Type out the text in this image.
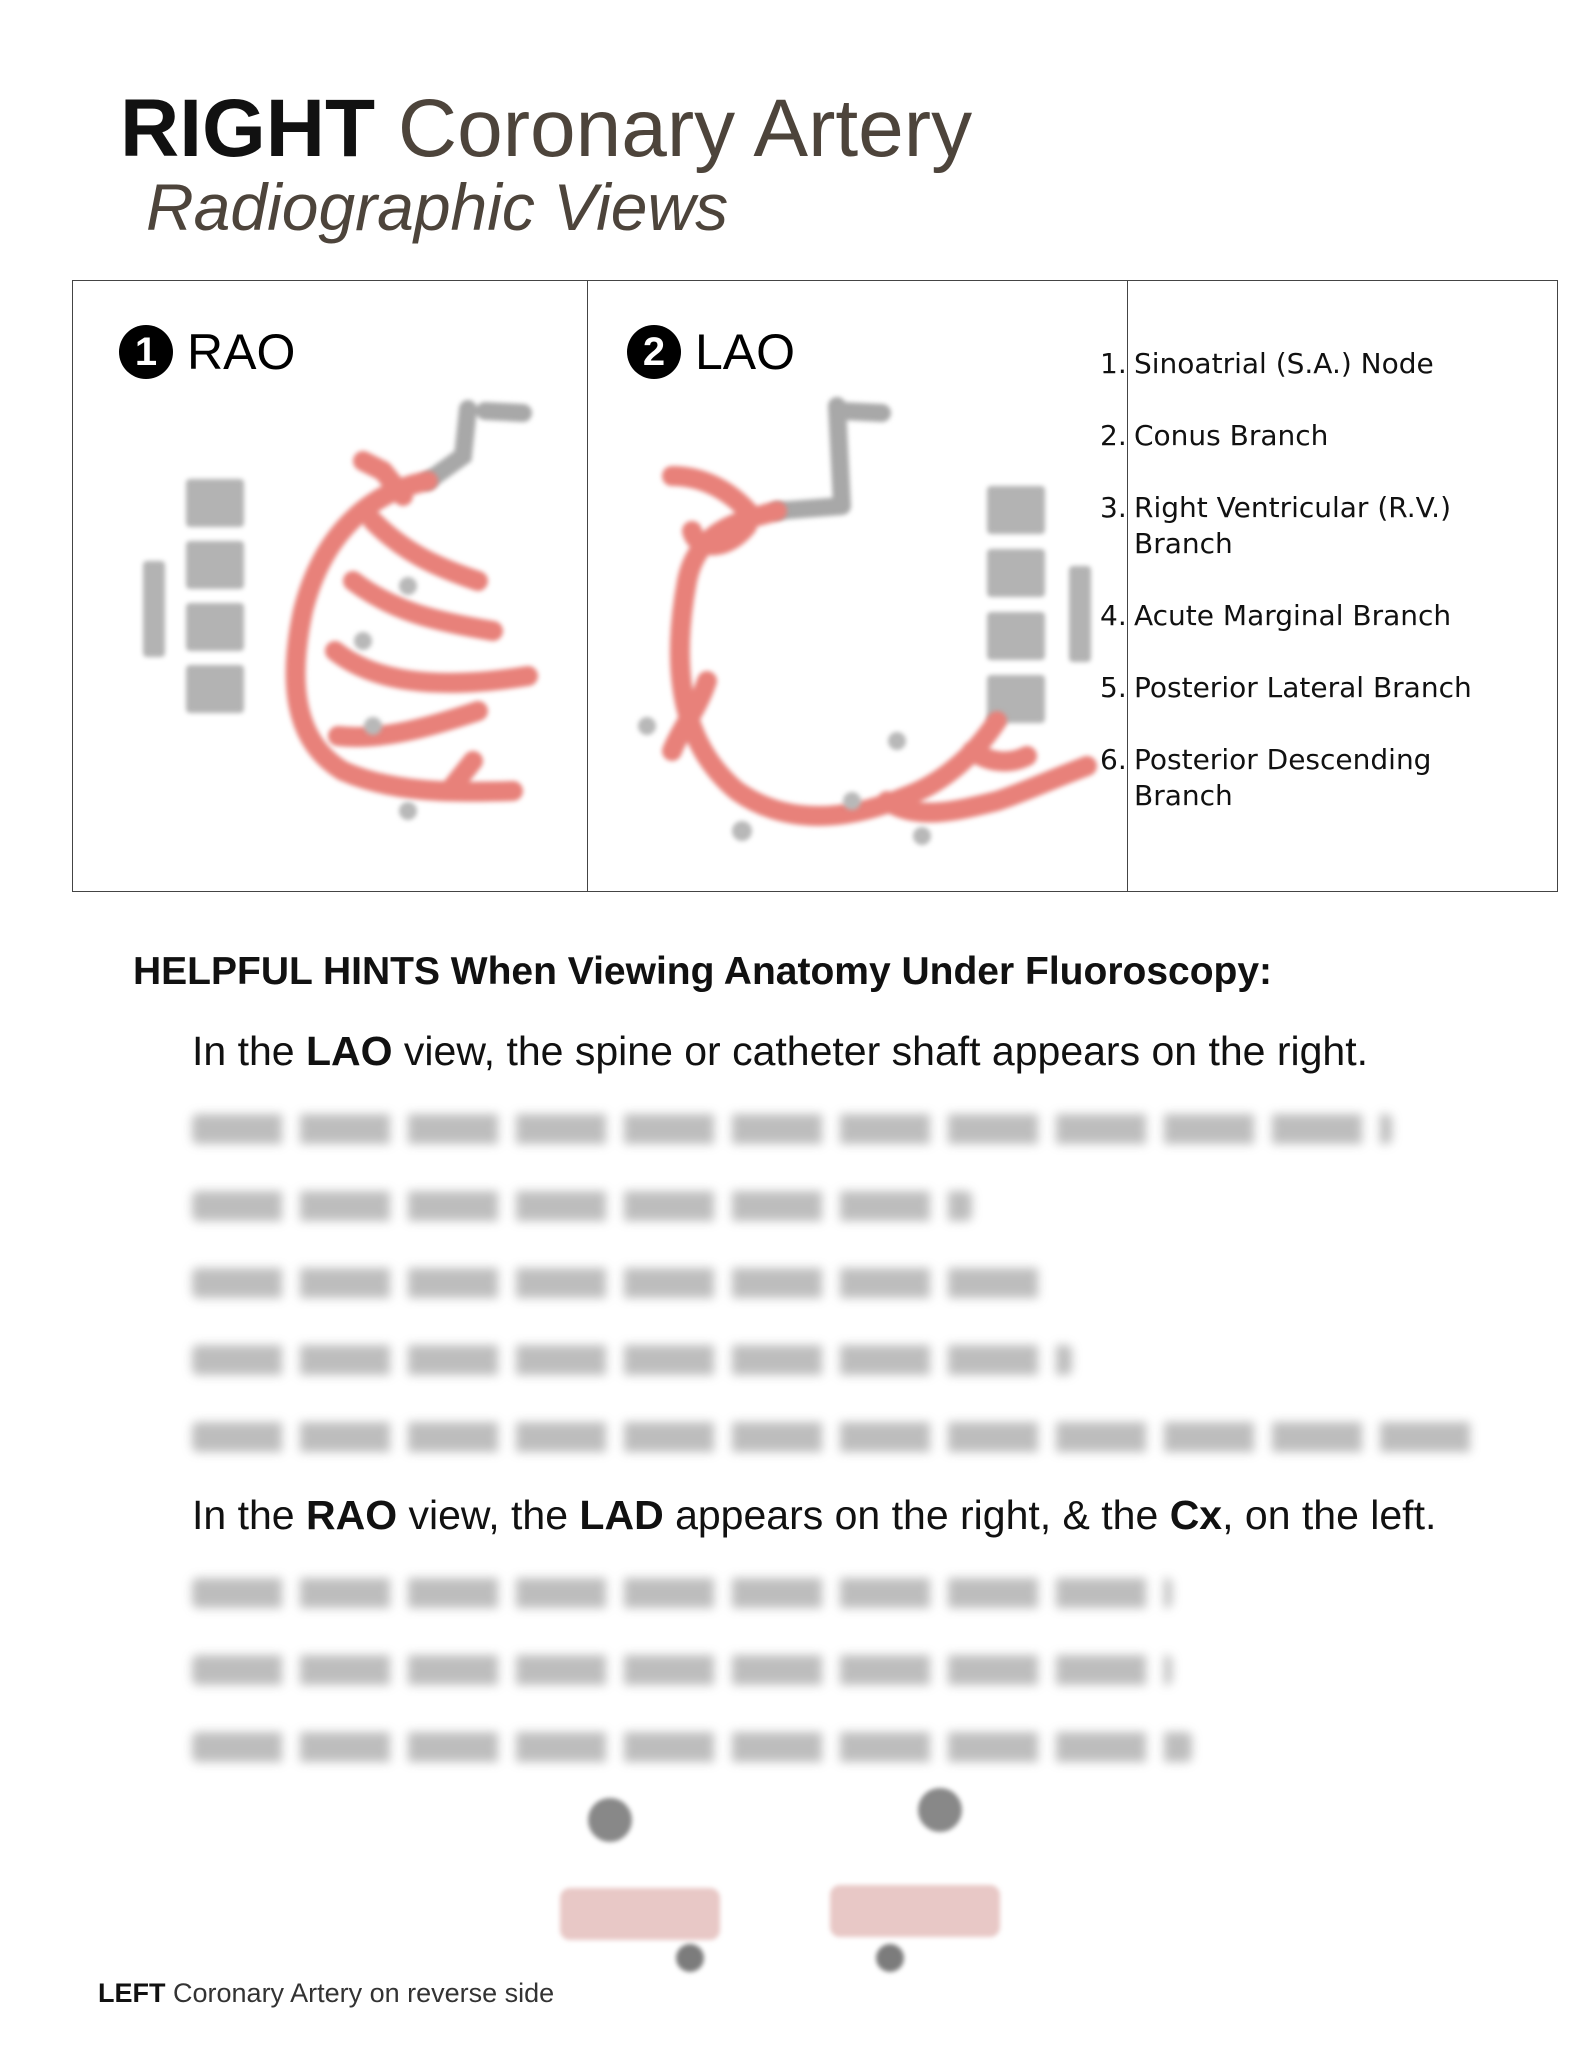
RIGHT Coronary Artery
Radiographic Views
1 RAO	2 LAO	1. Sinoatrial (S.A.) Node
2. Conus Branch
3. Right Ventricular (R.V.) Branch
4. Acute Marginal Branch
5. Posterior Lateral Branch
6. Posterior Descending Branch
HELPFUL HINTS When Viewing Anatomy Under Fluoroscopy:
In the LAO view, the spine or catheter shaft appears on the right.
In the RAO view, the LAD appears on the right, & the Cx, on the left.
LEFT Coronary Artery on reverse side
